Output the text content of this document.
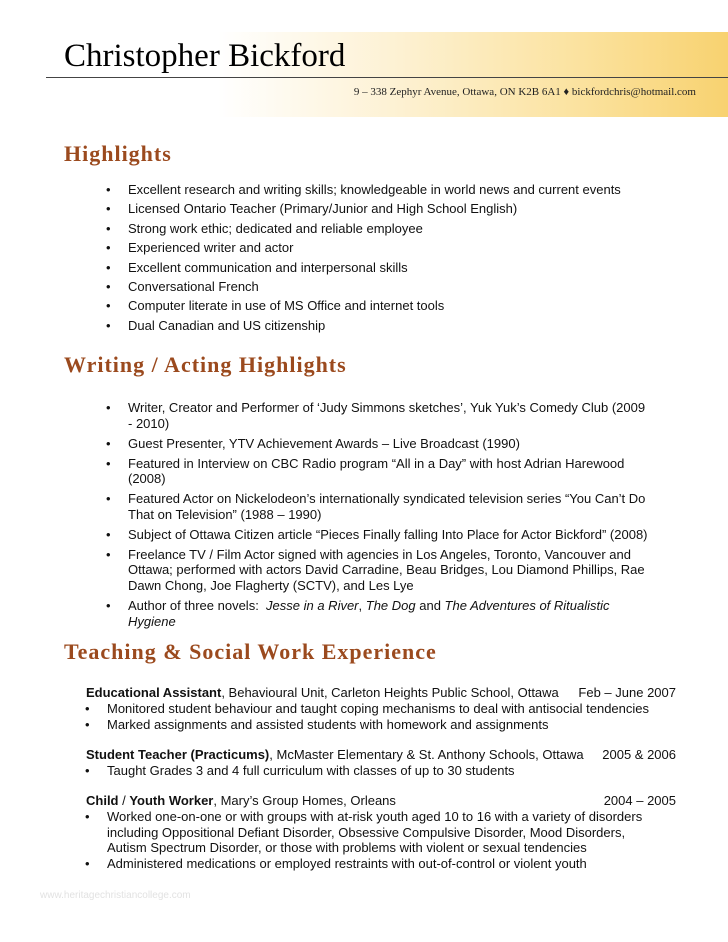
Christopher Bickford
9 – 338 Zephyr Avenue, Ottawa, ON K2B 6A1 ♦ bickfordchris@hotmail.com
Highlights
• Excellent research and writing skills; knowledgeable in world news and current events
• Licensed Ontario Teacher (Primary/Junior and High School English)
• Strong work ethic; dedicated and reliable employee
• Experienced writer and actor
• Excellent communication and interpersonal skills
• Conversational French
• Computer literate in use of MS Office and internet tools
• Dual Canadian and US citizenship
Writing / Acting Highlights
• Writer, Creator and Performer of ‘Judy Simmons sketches’, Yuk Yuk’s Comedy Club (2009
- 2010)
• Guest Presenter, YTV Achievement Awards – Live Broadcast (1990)
• Featured in Interview on CBC Radio program “All in a Day” with host Adrian Harewood
(2008)
• Featured Actor on Nickelodeon’s internationally syndicated television series “You Can’t Do
That on Television” (1988 – 1990)
• Subject of Ottawa Citizen article “Pieces Finally falling Into Place for Actor Bickford” (2008)
• Freelance TV / Film Actor signed with agencies in Los Angeles, Toronto, Vancouver and
Ottawa; performed with actors David Carradine, Beau Bridges, Lou Diamond Phillips, Rae
Dawn Chong, Joe Flagherty (SCTV), and Les Lye
• Author of three novels:  Jesse in a River, The Dog and The Adventures of Ritualistic
Hygiene
Teaching & Social Work Experience
Educational Assistant, Behavioural Unit, Carleton Heights Public School, Ottawa Feb – June 2007
• Monitored student behaviour and taught coping mechanisms to deal with antisocial tendencies
• Marked assignments and assisted students with homework and assignments
Student Teacher (Practicums), McMaster Elementary & St. Anthony Schools, Ottawa 2005 & 2006
• Taught Grades 3 and 4 full curriculum with classes of up to 30 students
Child / Youth Worker, Mary’s Group Homes, Orleans	2004 – 2005
• Worked one-on-one or with groups with at-risk youth aged 10 to 16 with a variety of disorders
including Oppositional Defiant Disorder, Obsessive Compulsive Disorder, Mood Disorders,
Autism Spectrum Disorder, or those with problems with violent or sexual tendencies
• Administered medications or employed restraints with out-of-control or violent youth
www.heritagechristiancollege.com
